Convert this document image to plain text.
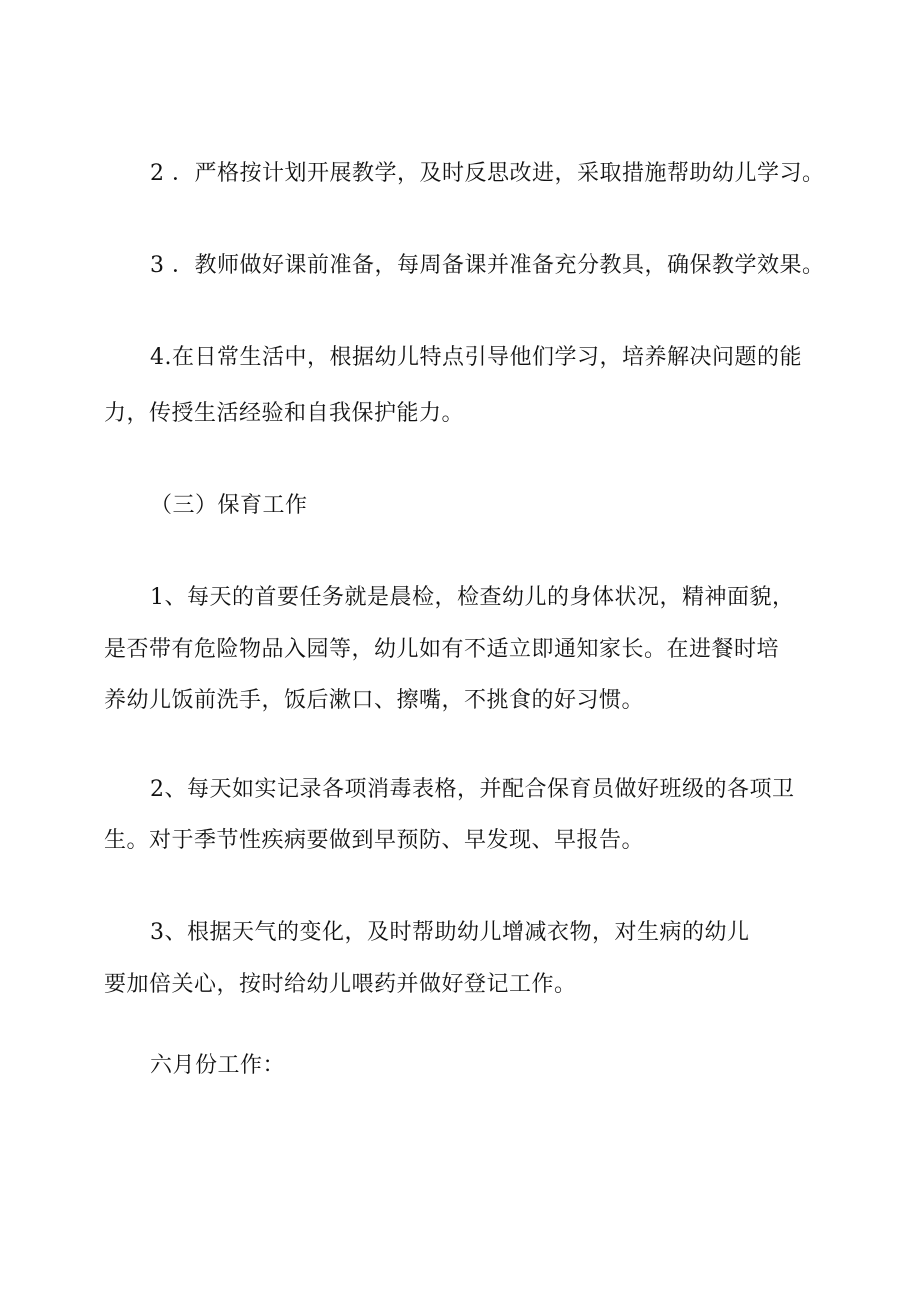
2 ．严格按计划开展教学，及时反思改进，采取措施帮助幼儿学习。
3 ．教师做好课前准备，每周备课并准备充分教具，确保教学效果。
4.在日常生活中，根据幼儿特点引导他们学习，培养解决问题的能
力，传授生活经验和自我保护能力。
（三）保育工作
1、每天的首要任务就是晨检，检查幼儿的身体状况，精神面貌，
是否带有危险物品入园等，幼儿如有不适立即通知家长。在进餐时培
养幼儿饭前洗手，饭后漱口、擦嘴，不挑食的好习惯。
2、每天如实记录各项消毒表格，并配合保育员做好班级的各项卫
生。对于季节性疾病要做到早预防、早发现、早报告。
3、根据天气的变化，及时帮助幼儿增减衣物，对生病的幼儿
要加倍关心，按时给幼儿喂药并做好登记工作。
六月份工作：
